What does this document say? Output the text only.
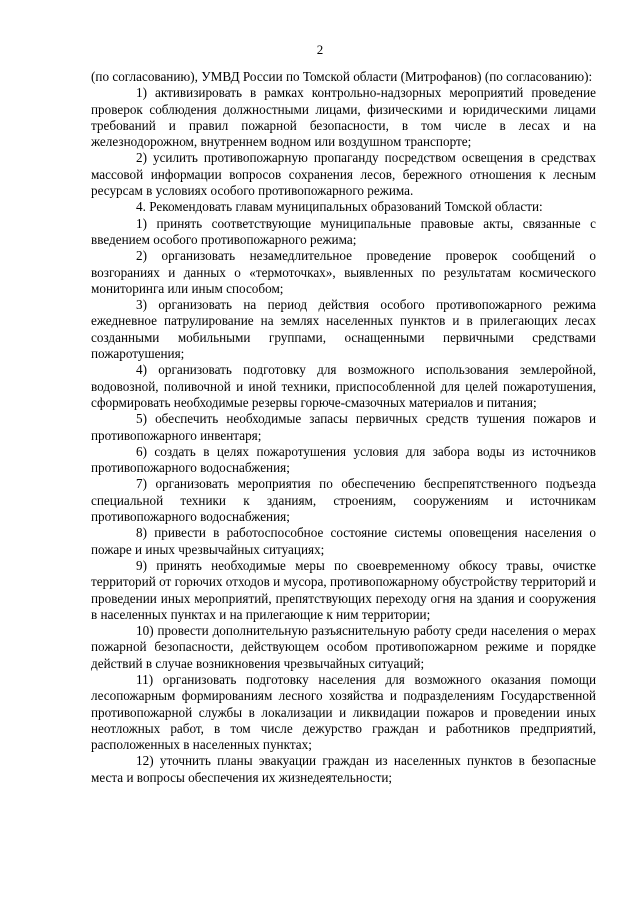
2

(по согласованию), УМВД России по Томской области (Митрофанов) (по согласованию):

1) активизировать в рамках контрольно-надзорных мероприятий проведение проверок соблюдения должностными лицами, физическими и юридическими лицами требований и правил пожарной безопасности, в том числе в лесах и на железнодорожном, внутреннем водном или воздушном транспорте;

2) усилить противопожарную пропаганду посредством освещения в средствах массовой информации вопросов сохранения лесов, бережного отношения к лесным ресурсам в условиях особого противопожарного режима.

4. Рекомендовать главам муниципальных образований Томской области:

1) принять соответствующие муниципальные правовые акты, связанные с введением особого противопожарного режима;

2) организовать незамедлительное проведение проверок сообщений о возгораниях и данных о «термоточках», выявленных по результатам космического мониторинга или иным способом;

3) организовать на период действия особого противопожарного режима ежедневное патрулирование на землях населенных пунктов и в прилегающих лесах созданными мобильными группами, оснащенными первичными средствами пожаротушения;

4) организовать подготовку для возможного использования землеройной, водовозной, поливочной и иной техники, приспособленной для целей пожаротушения, сформировать необходимые резервы горюче-смазочных материалов и питания;

5) обеспечить необходимые запасы первичных средств тушения пожаров и противопожарного инвентаря;

6) создать в целях пожаротушения условия для забора воды из источников противопожарного водоснабжения;

7) организовать мероприятия по обеспечению беспрепятственного подъезда специальной техники к зданиям, строениям, сооружениям и источникам противопожарного водоснабжения;

8) привести в работоспособное состояние системы оповещения населения о пожаре и иных чрезвычайных ситуациях;

9) принять необходимые меры по своевременному обкосу травы, очистке территорий от горючих отходов и мусора, противопожарному обустройству территорий и проведении иных мероприятий, препятствующих переходу огня на здания и сооружения в населенных пунктах и на прилегающие к ним территории;

10) провести дополнительную разъяснительную работу среди населения о мерах пожарной безопасности, действующем особом противопожарном режиме и порядке действий в случае возникновения чрезвычайных ситуаций;

11) организовать подготовку населения для возможного оказания помощи лесопожарным формированиям лесного хозяйства и подразделениям Государственной противопожарной службы в локализации и ликвидации пожаров и проведении иных неотложных работ, в том числе дежурство граждан и работников предприятий, расположенных в населенных пунктах;

12) уточнить планы эвакуации граждан из населенных пунктов в безопасные места и вопросы обеспечения их жизнедеятельности;
